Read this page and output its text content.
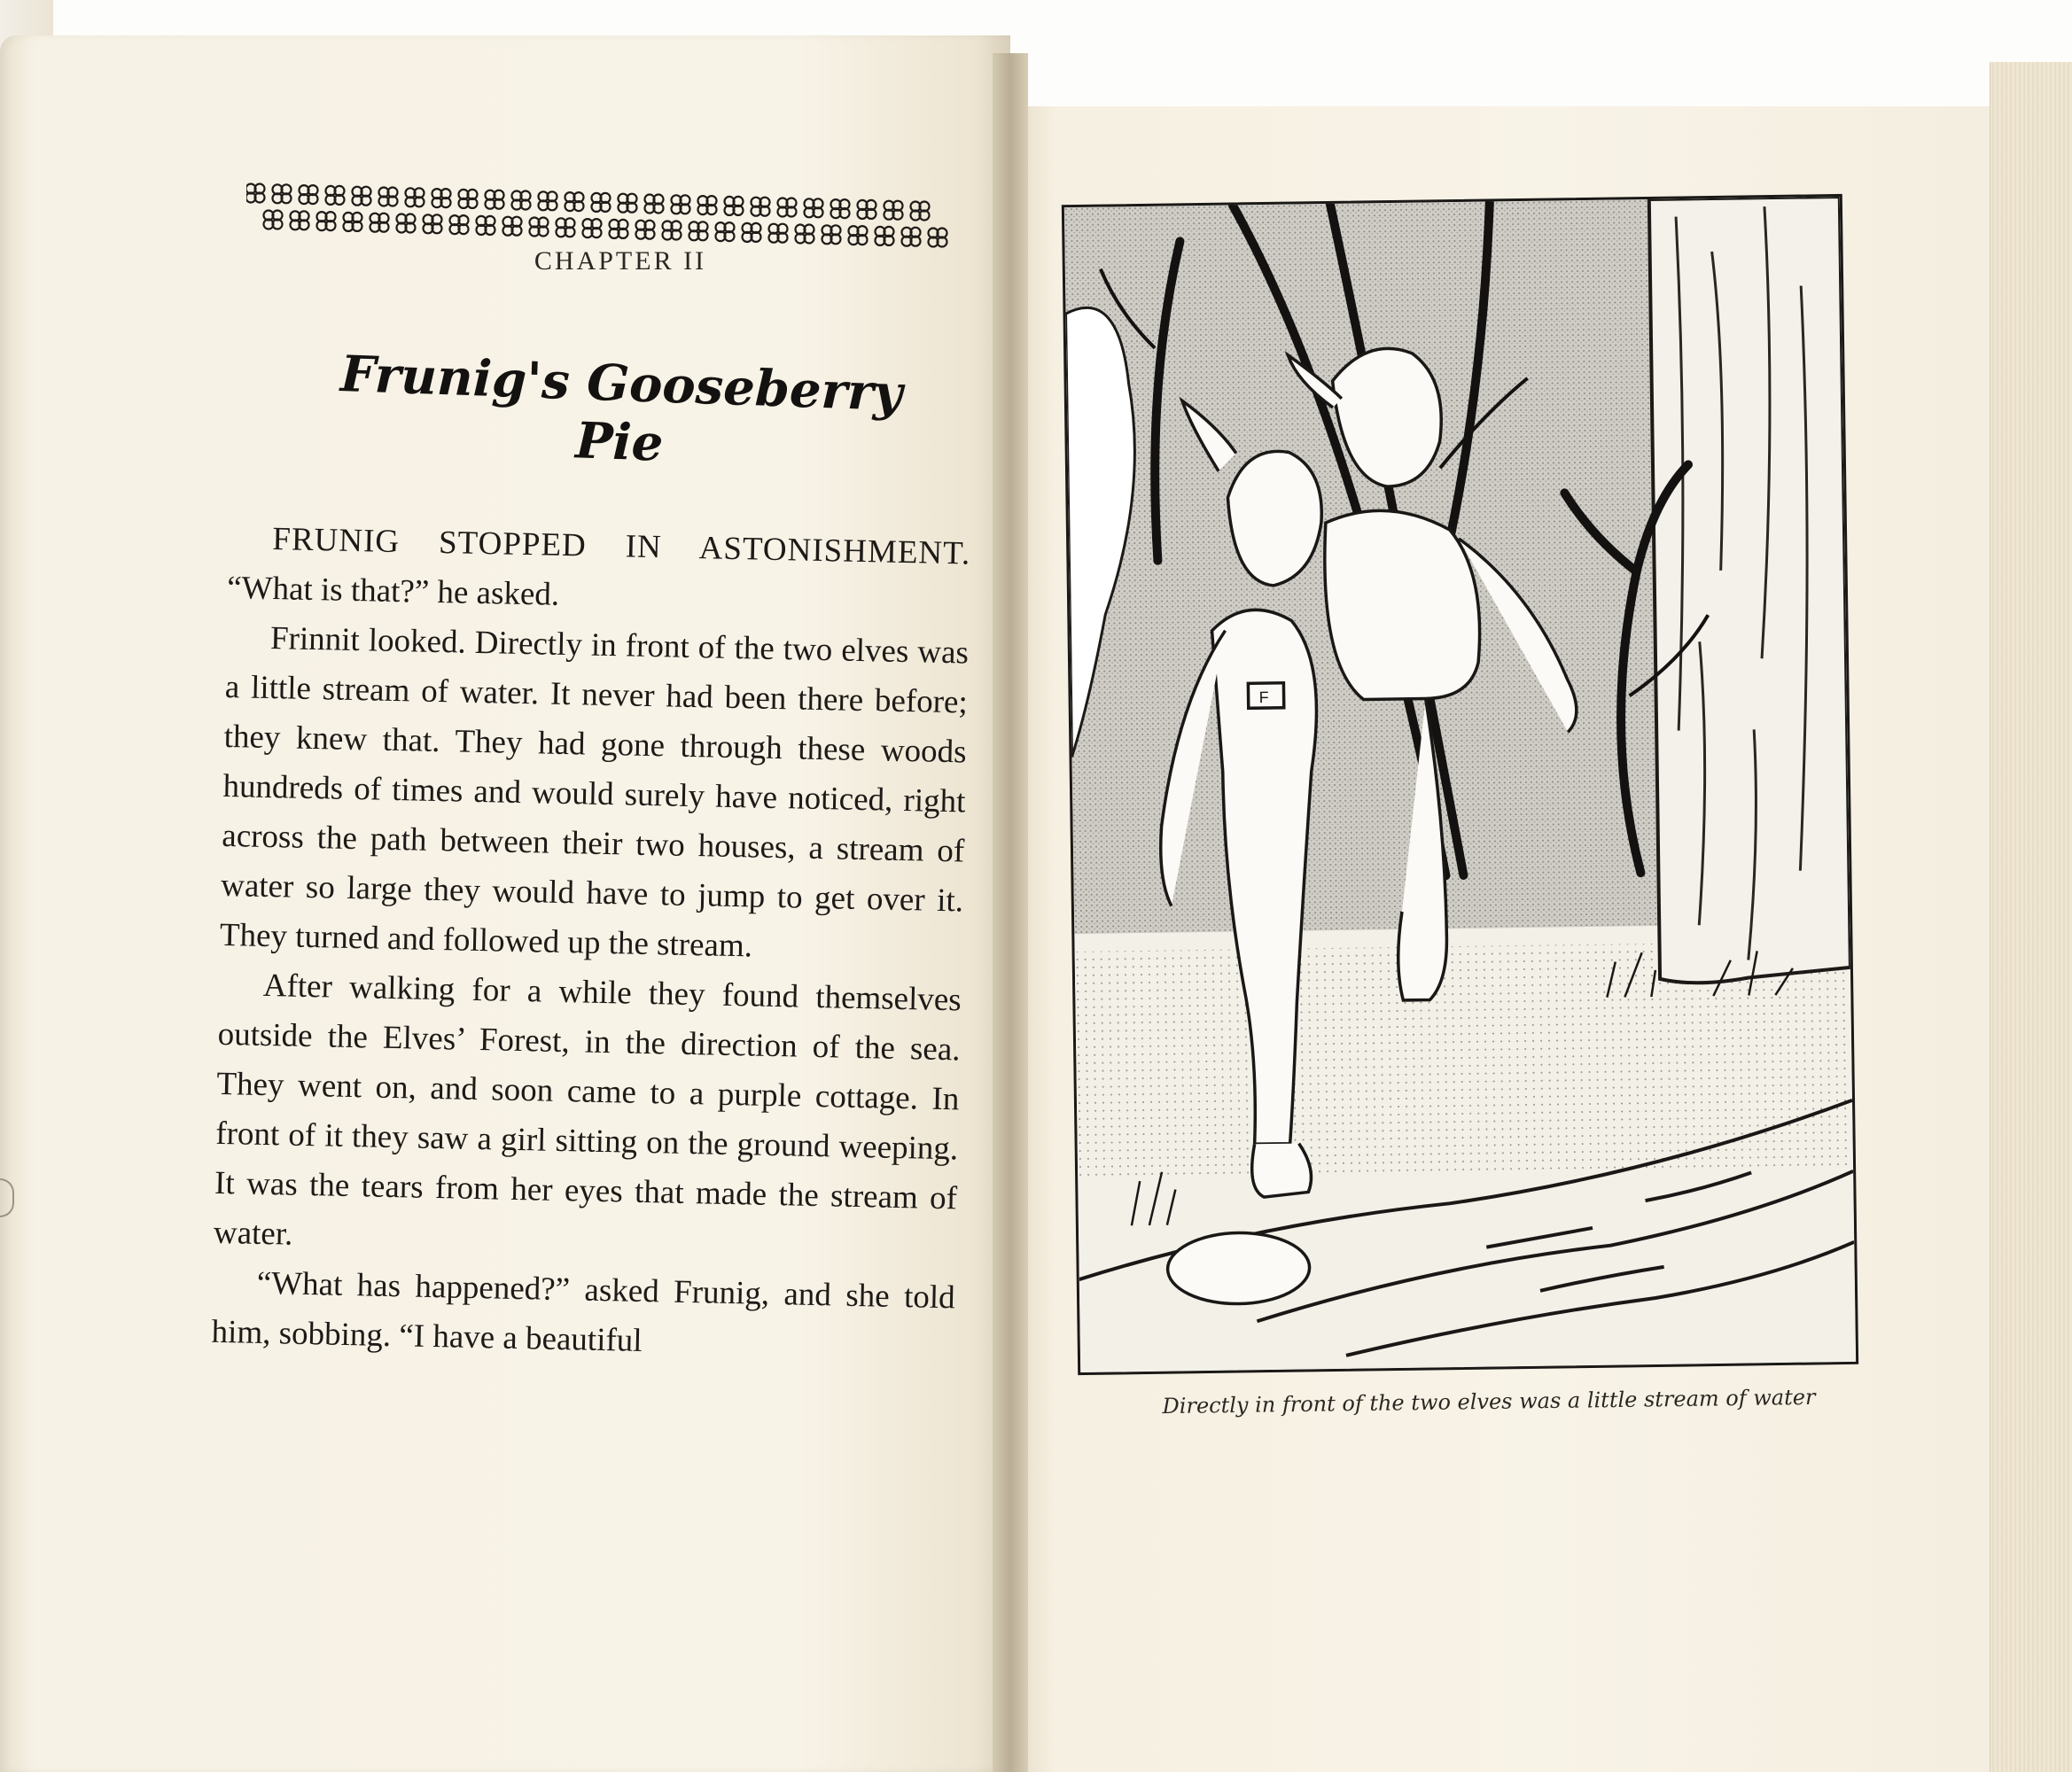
CHAPTER II
Frunig's Gooseberry Pie

FRUNIG STOPPED IN ASTONISHMENT. “What is that?” he asked.

Frinnit looked. Directly in front of the two elves was a little stream of water. It never had been there before; they knew that. They had gone through these woods hundreds of times and would surely have noticed, right across the path between their two houses, a stream of water so large they would have to jump to get over it. They turned and followed up the stream.

After walking for a while they found themselves outside the Elves’ Forest, in the direction of the sea. They went on, and soon came to a purple cottage. In front of it they saw a girl sitting on the ground weeping. It was the tears from her eyes that made the stream of water.

“What has happened?” asked Frunig, and she told him, sobbing. “I have a beautiful

F
Directly in front of the two elves was a little stream of water
